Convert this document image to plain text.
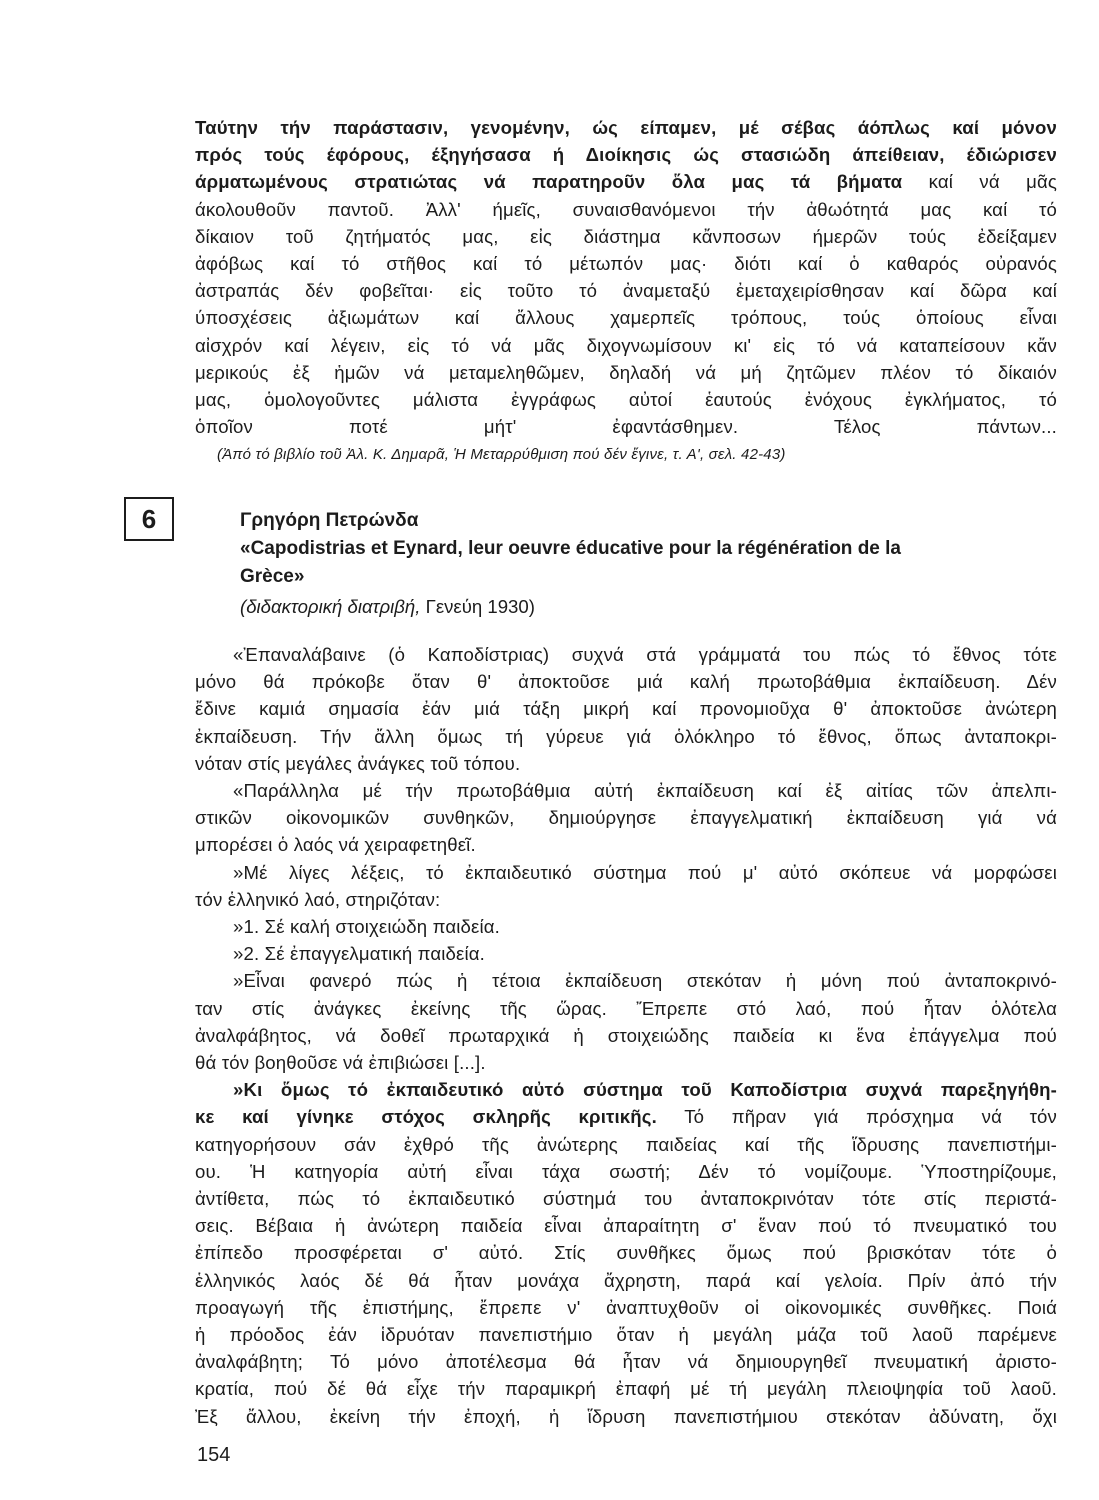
Ταύτην τήν παράστασιν, γενομένην, ώς είπαμεν, μέ σέβας άόπλως καί μόνον

πρός τούς έφόρους, έξηγήσασα ή Διοίκησις ώς στασιώδη άπείθειαν, έδιώρισεν

άρματωμένους στρατιώτας νά παρατηροῦν ὅλα μας τά βήματα καί νά μᾶς

άκολουθοῦν παντοῦ. Ἀλλ' ήμεῖς, συναισθανόμενοι τήν ἀθωότητά μας καί τό

δίκαιον τοῦ ζητήματός μας, εἰς διάστημα κἄνποσων ήμερῶν τούς ἐδείξαμεν

ἀφόβως καί τό στῆθος καί τό μέτωπόν μας· διότι καί ὁ καθαρός οὐρανός

ἀστραπάς δέν φοβεῖται· εἰς τοῦτο τό ἀναμεταξύ ἐμεταχειρίσθησαν καί δῶρα καί

ύποσχέσεις ἀξιωμάτων καί ἄλλους χαμερπεῖς τρόπους, τούς ὁποίους εἶναι

αἰσχρόν καί λέγειν, εἰς τό νά μᾶς διχογνωμίσουν κι' εἰς τό νά καταπείσουν κἄν

μερικούς ἐξ ἡμῶν νά μεταμεληθῶμεν, δηλαδή νά μή ζητῶμεν πλέον τό δίκαιόν

μας, ὁμολογοῦντες μάλιστα ἐγγράφως αὐτοί ἑαυτούς ἐνόχους ἐγκλήματος, τό

ὁποῖον ποτέ μήτ' ἐφαντάσθημεν. Τέλος πάντων...

(Ἀπό τό βιβλίο τοῦ Ἀλ. Κ. Δημαρᾶ, Ἡ Μεταρρύθμιση πού δέν ἔγινε, τ. Α', σελ. 42-43)

6	Γρηγόρη Πετρώνδα

«Capodistrias et Eynard, leur oeuvre éducative pour la régénération de la

Grèce»

(διδακτορική διατριβή, Γενεύη 1930)

«Ἐπαναλάβαινε (ὁ Καποδίστριας) συχνά στά γράμματά του πώς τό ἔθνος τότε

μόνο θά πρόκοβε ὅταν θ' ἀποκτοῦσε μιά καλή πρωτοβάθμια ἐκπαίδευση. Δέν

ἔδινε καμιά σημασία ἐάν μιά τάξη μικρή καί προνομιοῦχα θ' ἀποκτοῦσε ἀνώτερη

ἐκπαίδευση. Τήν ἄλλη ὅμως τή γύρευε γιά ὁλόκληρο τό ἔθνος, ὅπως ἀνταποκρι-

νόταν στίς μεγάλες ἀνάγκες τοῦ τόπου.

«Παράλληλα μέ τήν πρωτοβάθμια αὐτή ἐκπαίδευση καί ἐξ αἰτίας τῶν ἀπελπι-

στικῶν οἰκονομικῶν συνθηκῶν, δημιούργησε ἐπαγγελματική ἐκπαίδευση γιά νά

μπορέσει ὁ λαός νά χειραφετηθεῖ.

»Μέ λίγες λέξεις, τό ἐκπαιδευτικό σύστημα πού μ' αὐτό σκόπευε νά μορφώσει

τόν ἑλληνικό λαό, στηριζόταν:

»1. Σέ καλή στοιχειώδη παιδεία.

»2. Σέ ἐπαγγελματική παιδεία.

»Εἶναι φανερό πώς ἡ τέτοια ἐκπαίδευση στεκόταν ἡ μόνη πού ἀνταποκρινό-

ταν στίς ἀνάγκες ἐκείνης τῆς ὥρας. Ἔπρεπε στό λαό, πού ἦταν ὁλότελα

ἀναλφάβητος, νά δοθεῖ πρωταρχικά ἡ στοιχειώδης παιδεία κι ἕνα ἐπάγγελμα πού

θά τόν βοηθοῦσε νά ἐπιβιώσει [...].

»Κι ὅμως τό ἐκπαιδευτικό αὐτό σύστημα τοῦ Καποδίστρια συχνά παρεξηγήθη-

κε καί γίνηκε στόχος σκληρῆς κριτικῆς. Τό πῆραν γιά πρόσχημα νά τόν

κατηγορήσουν σάν ἐχθρό τῆς ἀνώτερης παιδείας καί τῆς ἵδρυσης πανεπιστήμι-

ου. Ἡ κατηγορία αὐτή εἶναι τάχα σωστή; Δέν τό νομίζουμε. Ὑποστηρίζουμε,

ἀντίθετα, πώς τό ἐκπαιδευτικό σύστημά του ἀνταποκρινόταν τότε στίς περιστά-

σεις. Βέβαια ἡ ἀνώτερη παιδεία εἶναι ἀπαραίτητη σ' ἕναν πού τό πνευματικό του

ἐπίπεδο προσφέρεται σ' αὐτό. Στίς συνθῆκες ὅμως πού βρισκόταν τότε ὁ

ἑλληνικός λαός δέ θά ἦταν μονάχα ἄχρηστη, παρά καί γελοία. Πρίν ἀπό τήν

προαγωγή τῆς ἐπιστήμης, ἔπρεπε ν' ἀναπτυχθοῦν οἱ οἰκονομικές συνθῆκες. Ποιά

ἡ πρόοδος ἐάν ἱδρυόταν πανεπιστήμιο ὅταν ἡ μεγάλη μάζα τοῦ λαοῦ παρέμενε

ἀναλφάβητη; Τό μόνο ἀποτέλεσμα θά ἦταν νά δημιουργηθεῖ πνευματική ἀριστο-

κρατία, πού δέ θά εἶχε τήν παραμικρή ἐπαφή μέ τή μεγάλη πλειοψηφία τοῦ λαοῦ.

Ἐξ ἄλλου, ἐκείνη τήν ἐποχή, ἡ ἵδρυση πανεπιστήμιου στεκόταν ἀδύνατη, ὄχι

154
